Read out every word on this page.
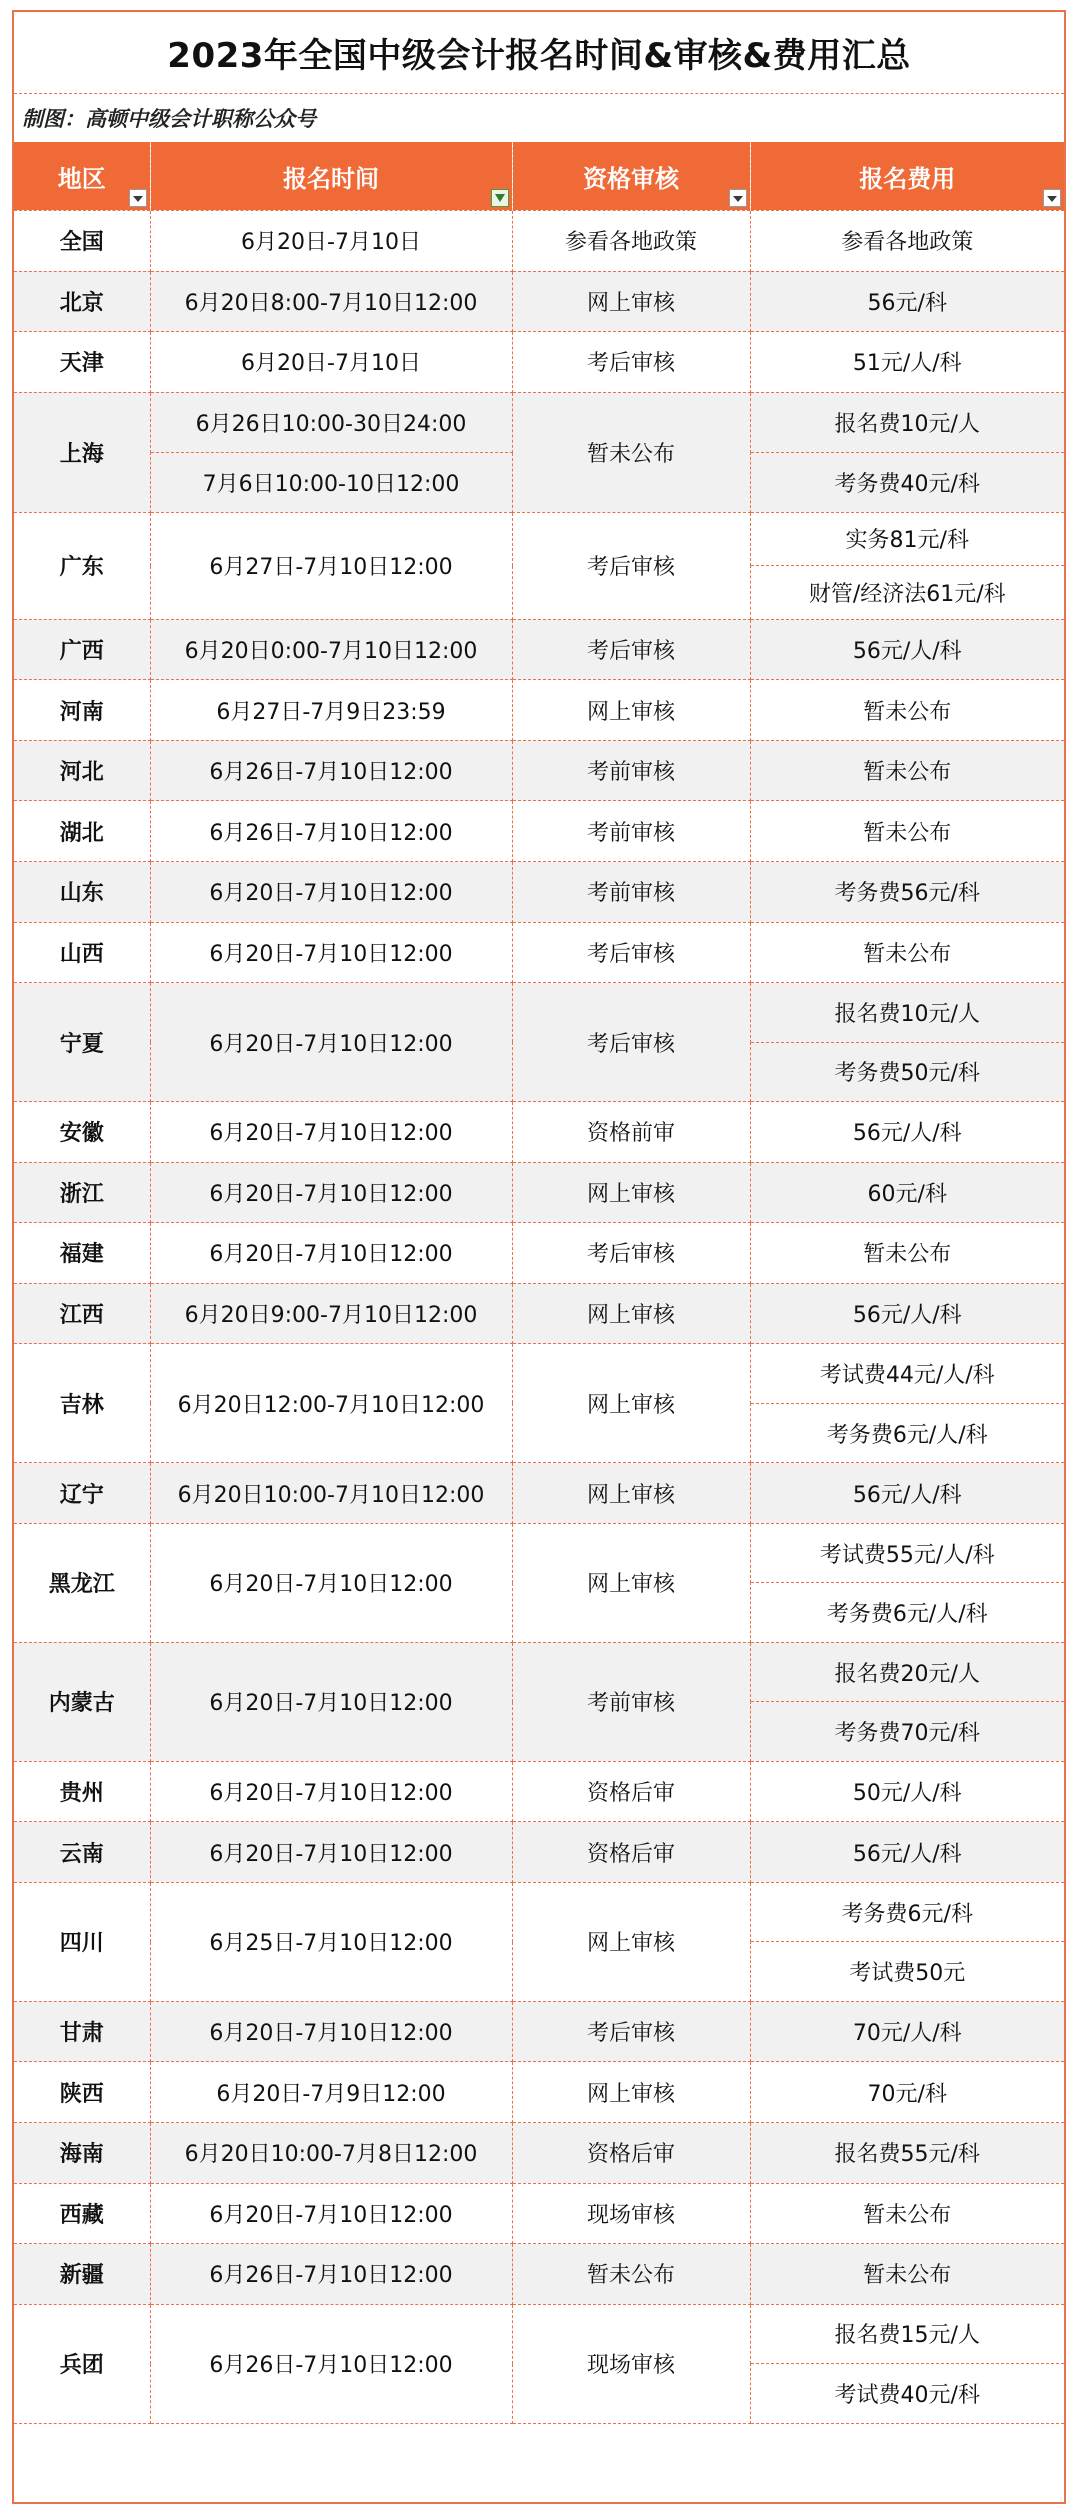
2023年全国中级会计报名时间&审核&费用汇总
制图：高顿中级会计职称公众号
地区	报名时间	资格审核	报名费用

全国	6月20日-7月10日	参看各地政策	参看各地政策
北京	6月20日8:00-7月10日12:00	网上审核	56元/科
天津	6月20日-7月10日	考后审核	51元/人/科
上海	6月26日10:00-30日24:00	暂未公布	报名费10元/人
	7月6日10:00-10日12:00		考务费40元/科
广东	6月27日-7月10日12:00	考后审核	实务81元/科
			财管/经济法61元/科
广西	6月20日0:00-7月10日12:00	考后审核	56元/人/科
河南	6月27日-7月9日23:59	网上审核	暂未公布
河北	6月26日-7月10日12:00	考前审核	暂未公布
湖北	6月26日-7月10日12:00	考前审核	暂未公布
山东	6月20日-7月10日12:00	考前审核	考务费56元/科
山西	6月20日-7月10日12:00	考后审核	暂未公布
宁夏	6月20日-7月10日12:00	考后审核	报名费10元/人
			考务费50元/科
安徽	6月20日-7月10日12:00	资格前审	56元/人/科
浙江	6月20日-7月10日12:00	网上审核	60元/科
福建	6月20日-7月10日12:00	考后审核	暂未公布
江西	6月20日9:00-7月10日12:00	网上审核	56元/人/科
吉林	6月20日12:00-7月10日12:00	网上审核	考试费44元/人/科
			考务费6元/人/科
辽宁	6月20日10:00-7月10日12:00	网上审核	56元/人/科
黑龙江	6月20日-7月10日12:00	网上审核	考试费55元/人/科
			考务费6元/人/科
内蒙古	6月20日-7月10日12:00	考前审核	报名费20元/人
			考务费70元/科
贵州	6月20日-7月10日12:00	资格后审	50元/人/科
云南	6月20日-7月10日12:00	资格后审	56元/人/科
四川	6月25日-7月10日12:00	网上审核	考务费6元/科
			考试费50元
甘肃	6月20日-7月10日12:00	考后审核	70元/人/科
陕西	6月20日-7月9日12:00	网上审核	70元/科
海南	6月20日10:00-7月8日12:00	资格后审	报名费55元/科
西藏	6月20日-7月10日12:00	现场审核	暂未公布
新疆	6月26日-7月10日12:00	暂未公布	暂未公布
兵团	6月26日-7月10日12:00	现场审核	报名费15元/人
			考试费40元/科
